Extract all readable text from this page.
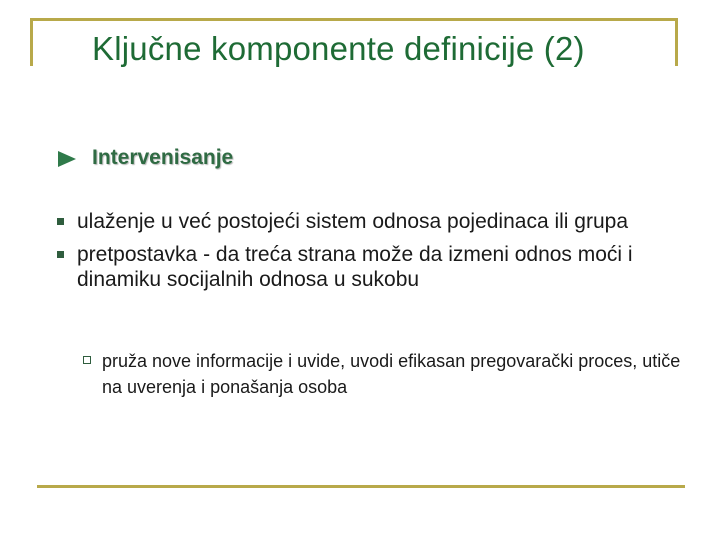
Ključne komponente definicije (2)
Intervenisanje
ulaženje u već postojeći sistem odnosa pojedinaca ili grupa
pretpostavka - da treća strana može da izmeni odnos moći i dinamiku socijalnih odnosa u sukobu
pruža nove informacije i uvide, uvodi efikasan pregovarački proces, utiče na uverenja i ponašanja osoba
